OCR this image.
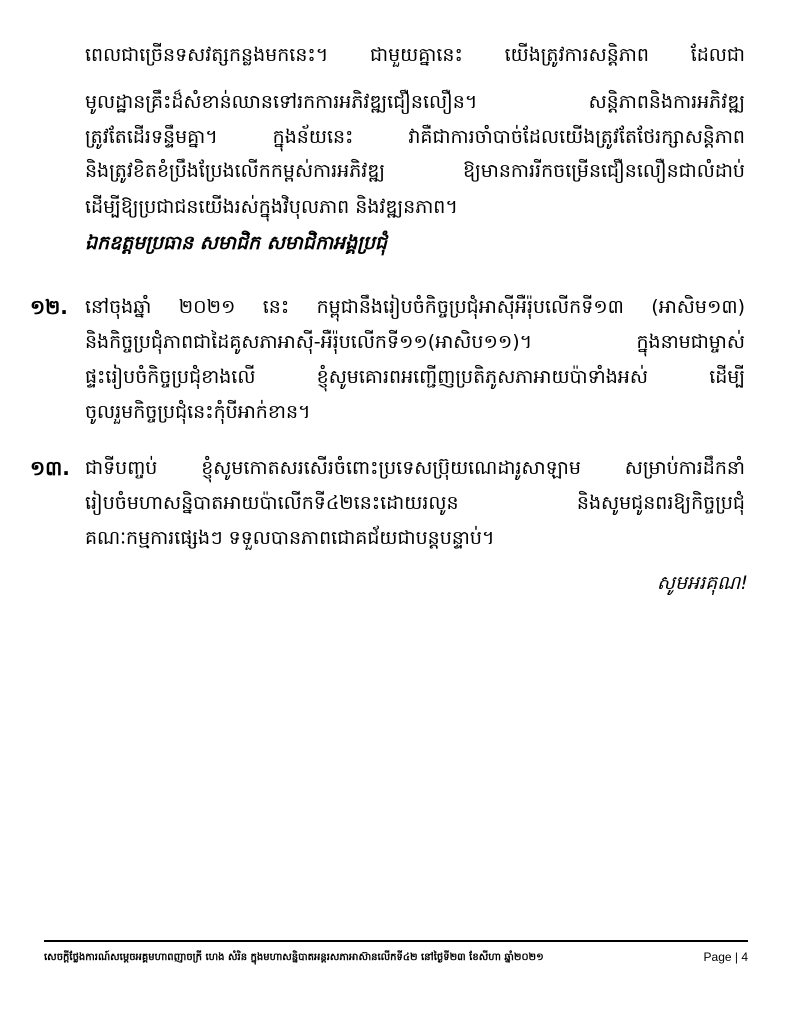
ពេលជាច្រើនទសវត្សកន្លងមកនេះ។ ជាមួយគ្នានេះ យើងត្រូវការសន្តិភាព ដែលជា
មូលដ្ឋានគ្រឹះដ៏សំខាន់ឈានទៅរកការអភិវឌ្ឍជឿនលឿន។ សន្តិភាពនិងការអភិវឌ្ឍ
ត្រូវតែដើរទន្ទឹមគ្នា។ ក្នុងន័យនេះ វាគឺជាការចាំបាច់ដែលយើងត្រូវតែថែរក្សាសន្តិភាព
និងត្រូវខិតខំប្រឹងប្រែងលើកកម្ពស់ការអភិវឌ្ឍ ឱ្យមានការរីកចម្រើនជឿនលឿនជាលំដាប់
ដើម្បីឱ្យប្រជាជនយើងរស់ក្នុងវិបុលភាព និងវឌ្ឍនភាព។
ឯកឧត្តមប្រធាន សមាជិក សមាជិកាអង្គប្រជុំ
១២. នៅចុងឆ្នាំ ២០២១ នេះ កម្ពុជានឹងរៀបចំកិច្ចប្រជុំអាស៊ីអឺរ៉ុបលើកទី១៣ (អាសិម១៣)
និងកិច្ចប្រជុំភាពជាដៃគូសភាអាស៊ី-អឺរ៉ុបលើកទី១១(អាសិប១១)។ ក្នុងនាមជាម្ចាស់
ផ្ទះរៀបចំកិច្ចប្រជុំខាងលើ ខ្ញុំសូមគោរពអញ្ជើញប្រតិភូសភាអាយប៉ាទាំងអស់ ដើម្បី
ចូលរួមកិច្ចប្រជុំនេះកុំបីអាក់ខាន។
១៣. ជាទីបញ្ចប់ ខ្ញុំសូមកោតសរសើរចំពោះប្រទេសប្រ៊ុយណេដារូសាឡាម សម្រាប់ការដឹកនាំ
រៀបចំមហាសន្និបាតអាយប៉ាលើកទី៤២នេះដោយរលូន និងសូមជូនពរឱ្យកិច្ចប្រជុំ
គណៈកម្មការផ្សេងៗ ទទួលបានភាពជោគជ័យជាបន្តបន្ទាប់។
សូមអរគុណ!
សេចក្តីថ្លែងការណ៍សម្តេចអគ្គមហាពញាចក្រី ហេង សំរិន ក្នុងមហាសន្និបាតអន្តរសភាអាស៊ានលើកទី៤២ នៅថ្ងៃទី២៣ ខែសីហា ឆ្នាំ២០២១	Page | 4
